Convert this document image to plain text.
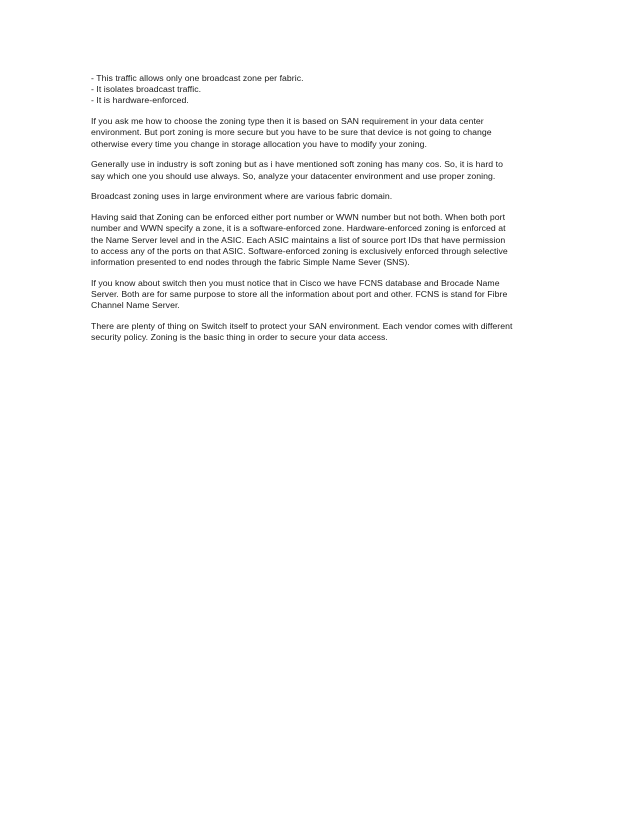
- This traffic allows only one broadcast zone per fabric.
- It isolates broadcast traffic.
- It is hardware-enforced.
If you ask me how to choose the zoning type then it is based on SAN requirement in your data center
environment. But port zoning is more secure but you have to be sure that device is not going to change
otherwise every time you change in storage allocation you have to modify your zoning.
Generally use in industry is soft zoning but as i have mentioned soft zoning has many cos. So, it is hard to
say which one you should use always. So, analyze your datacenter environment and use proper zoning.
Broadcast zoning uses in large environment where are various fabric domain.
Having said that Zoning can be enforced either port number or WWN number but not both. When both port
number and WWN specify a zone, it is a software-enforced zone. Hardware-enforced zoning is enforced at
the Name Server level and in the ASIC. Each ASIC maintains a list of source port IDs that have permission
to access any of the ports on that ASIC. Software-enforced zoning is exclusively enforced through selective
information presented to end nodes through the fabric Simple Name Sever (SNS).
If you know about switch then you must notice that in Cisco we have FCNS database and Brocade Name
Server. Both are for same purpose to store all the information about port and other. FCNS is stand for Fibre
Channel Name Server.
There are plenty of thing on Switch itself to protect your SAN environment. Each vendor comes with different
security policy. Zoning is the basic thing in order to secure your data access.
